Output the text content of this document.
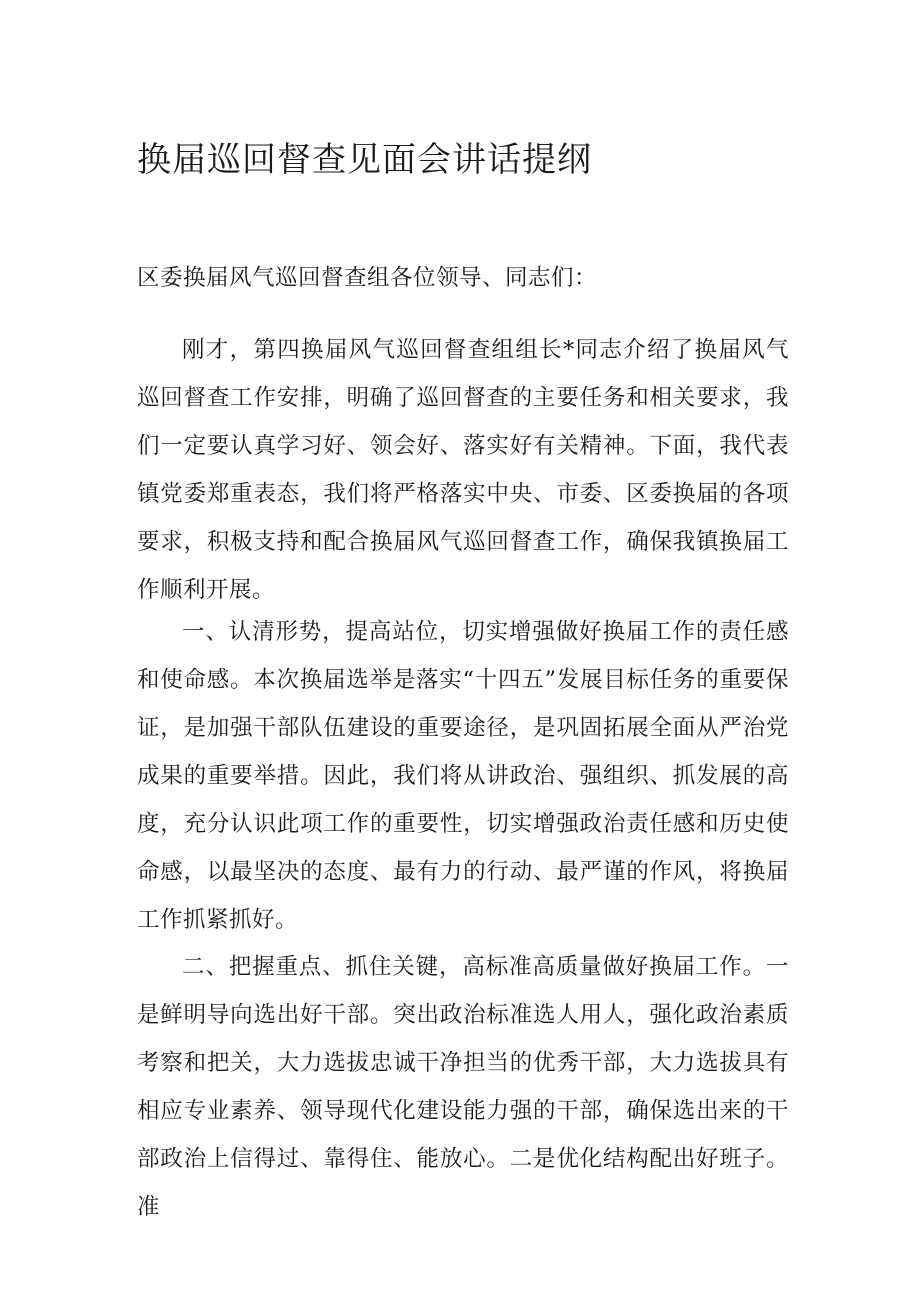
换届巡回督查见面会讲话提纲

区委换届风气巡回督查组各位领导、同志们：

刚才，第四换届风气巡回督查组组长*同志介绍了换届风气巡回督查工作安排，明确了巡回督查的主要任务和相关要求，我们一定要认真学习好、领会好、落实好有关精神。下面，我代表镇党委郑重表态，我们将严格落实中央、市委、区委换届的各项要求，积极支持和配合换届风气巡回督查工作，确保我镇换届工作顺利开展。

一、认清形势，提高站位，切实增强做好换届工作的责任感和使命感。本次换届选举是落实“十四五”发展目标任务的重要保证，是加强干部队伍建设的重要途径，是巩固拓展全面从严治党成果的重要举措。因此，我们将从讲政治、强组织、抓发展的高度，充分认识此项工作的重要性，切实增强政治责任感和历史使命感，以最坚决的态度、最有力的行动、最严谨的作风，将换届工作抓紧抓好。

二、把握重点、抓住关键，高标准高质量做好换届工作。一是鲜明导向选出好干部。突出政治标准选人用人，强化政治素质考察和把关，大力选拔忠诚干净担当的优秀干部，大力选拔具有相应专业素养、领导现代化建设能力强的干部，确保选出来的干部政治上信得过、靠得住、能放心。二是优化结构配出好班子。准
